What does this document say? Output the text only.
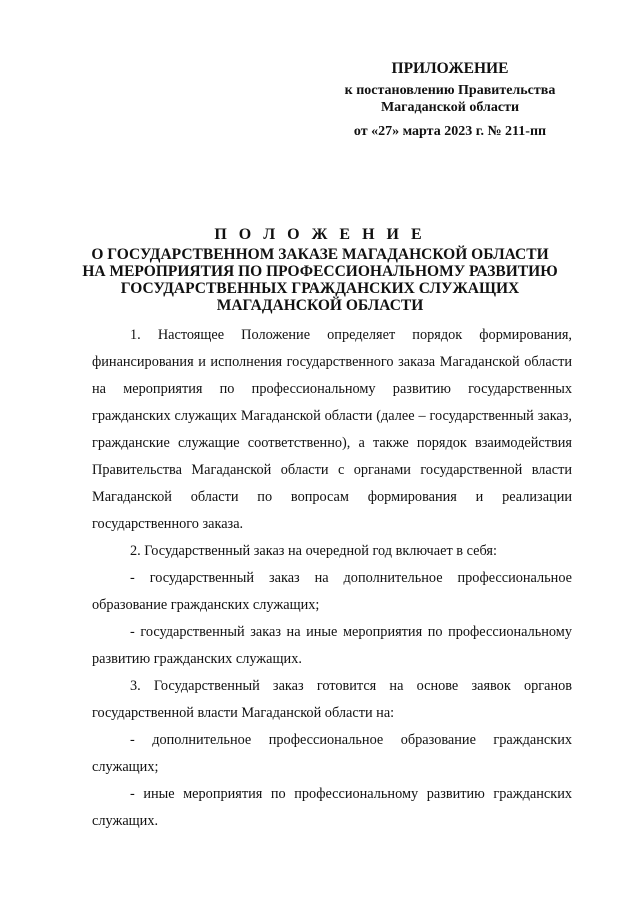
ПРИЛОЖЕНИЕ
к постановлению Правительства
Магаданской области
от «27» марта 2023 г. № 211-пп
П О Л О Ж Е Н И Е
О ГОСУДАРСТВЕННОМ ЗАКАЗЕ МАГАДАНСКОЙ ОБЛАСТИ НА МЕРОПРИЯТИЯ ПО ПРОФЕССИОНАЛЬНОМУ РАЗВИТИЮ ГОСУДАРСТВЕННЫХ ГРАЖДАНСКИХ СЛУЖАЩИХ МАГАДАНСКОЙ ОБЛАСТИ

1. Настоящее Положение определяет порядок формирования, финансирования и исполнения государственного заказа Магаданской области на мероприятия по профессиональному развитию государственных гражданских служащих Магаданской области (далее – государственный заказ, гражданские служащие соответственно), а также порядок взаимодействия Правительства Магаданской области с органами государственной власти Магаданской области по вопросам формирования и реализации государственного заказа.

2. Государственный заказ на очередной год включает в себя:

- государственный заказ на дополнительное профессиональное образование гражданских служащих;

- государственный заказ на иные мероприятия по профессиональному развитию гражданских служащих.

3. Государственный заказ готовится на основе заявок органов государственной власти Магаданской области на:

- дополнительное профессиональное образование гражданских служащих;

- иные мероприятия по профессиональному развитию гражданских служащих.
